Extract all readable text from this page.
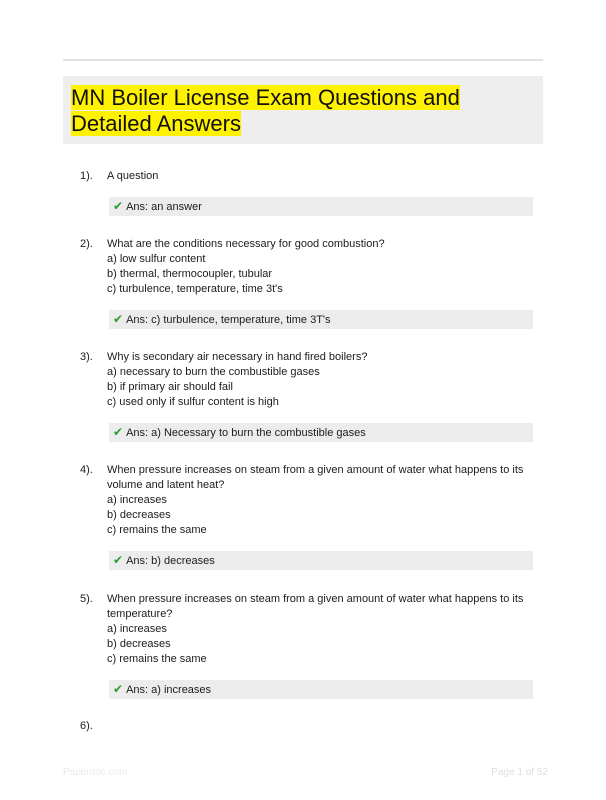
MN Boiler License Exam Questions and Detailed Answers
1). A question
✔ Ans: an answer
2). What are the conditions necessary for good combustion?
a) low sulfur content
b) thermal, thermocoupler, tubular
c) turbulence, temperature, time 3t's
✔ Ans: c) turbulence, temperature, time 3T's
3). Why is secondary air necessary in hand fired boilers?
a) necessary to burn the combustible gases
b) if primary air should fail
c) used only if sulfur content is high
✔ Ans: a) Necessary to burn the combustible gases
4). When pressure increases on steam from a given amount of water what happens to its volume and latent heat?
a) increases
b) decreases
c) remains the same
✔ Ans: b) decreases
5). When pressure increases on steam from a given amount of water what happens to its temperature?
a) increases
b) decreases
c) remains the same
✔ Ans: a) increases
6).
Paperdoc.com	Page 1 of 52
